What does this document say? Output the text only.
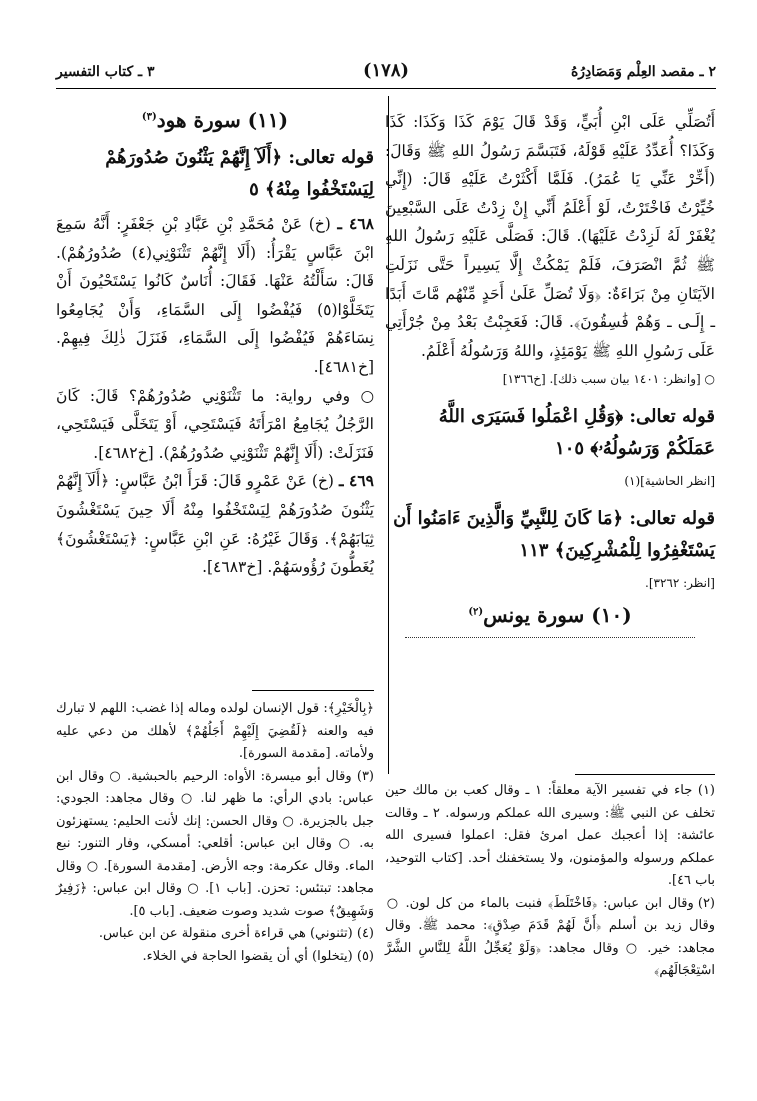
٢ ـ مقصد العِلْم وَمَصَادِرُهُ
(١٧٨)
٣ ـ كتاب التفسير

أَتُصَلِّي عَلَى ابْنِ أُبَيٍّ، وَقَدْ قَالَ يَوْمَ كَذَا وَكَذَا: كَذَا وَكَذَا؟ أُعَدِّدُ عَلَيْهِ قَوْلَهُ، فَتَبَسَّمَ رَسُولُ اللهِ ﷺ وَقَالَ: (أَخِّرْ عَنِّي يَا عُمَرُ). فَلَمَّا أَكْثَرْتُ عَلَيْهِ قَالَ: (إِنِّي خُيِّرْتُ فَاخْتَرْتُ، لَوْ أَعْلَمُ أَنِّي إِنْ زِدْتُ عَلَى السَّبْعِينَ يُغْفَرْ لَهُ لَزِدْتُ عَلَيْهَا). قَالَ: فَصَلَّى عَلَيْهِ رَسُولُ اللهِ ﷺ ثُمَّ انْصَرَفَ، فَلَمْ يَمْكُثْ إِلَّا يَسِيراً حَتَّى نَزَلَتِ الآيَتَانِ مِنْ بَرَاءَةٌ: ﴿وَلَا تُصَلِّ عَلَىٰ أَحَدٍ مِّنْهُم مَّاتَ أَبَدًا ـ إِلَـى ـ وَهُمْ فَٰسِقُونَ﴾. قَالَ: فَعَجِبْتُ بَعْدُ مِنْ جُرْأَتِي عَلَى رَسُولِ اللهِ ﷺ يَوْمَئِذٍ، واللهُ وَرَسُولُهُ أَعْلَمُ.

○ [وانظر: ١٤٠١ بيان سبب ذلك]. [خ١٣٦٦]
قوله تعالى: ﴿وَقُلِ اعْمَلُوا فَسَيَرَى اللَّهُ عَمَلَكُمْ وَرَسُولُهُۥ﴾ ١٠٥
[انظر الحاشية](١)
قوله تعالى: ﴿مَا كَانَ لِلنَّبِيِّ وَالَّذِينَ ءَامَنُوا أَن يَسْتَغْفِرُوا لِلْمُشْرِكِينَ﴾ ١١٣
[انظر: ٣٢٦٢].
(١٠) سورة يونس$^{(٢)}$
(١١) سورة هود$^{(٣)}$
قوله تعالى: ﴿أَلَآ إِنَّهُمْ يَثْنُونَ صُدُورَهُمْ لِيَسْتَخْفُوا مِنْهُ﴾ ٥

٤٦٨ ـ (خ) عَنْ مُحَمَّدِ بْنِ عَبَّادِ بْنِ جَعْفَرٍ: أَنَّهُ سَمِعَ ابْنَ عَبَّاسٍ يَقْرَأُ: (أَلَا إِنَّهُمْ تَثْنَوْنِي(٤) صُدُورُهُمْ). قَالَ: سَأَلْتُهُ عَنْهَا. فَقَالَ: أُنَاسٌ كَانُوا يَسْتَحْيُونَ أَنْ يَتَخَلَّوْا(٥) فَيُفْضُوا إِلَى السَّمَاءِ، وَأَنْ يُجَامِعُوا نِسَاءَهُمْ فَيُفْضُوا إِلَى السَّمَاءِ، فَنَزَلَ ذٰلِكَ فِيهِمْ. [خ٤٦٨١].

○ وفي رواية: ما تَثْنَوْنِي صُدُورُهُمْ؟ قَالَ: كَانَ الرَّجُلُ يُجَامِعُ امْرَأَتَهُ فَيَسْتَحِي، أَوْ يَتَخَلَّى فَيَسْتَحِي، فَنَزَلَتْ: (أَلَا إِنَّهُمْ تَثْنَوْنِي صُدُورُهُمْ). [خ٤٦٨٢].

٤٦٩ ـ (خ) عَنْ عَمْرٍو قَالَ: قَرَأَ ابْنُ عَبَّاسٍ: ﴿أَلَآ إِنَّهُمْ يَثْنُونَ صُدُورَهُمْ لِيَسْتَخْفُوا مِنْهُ أَلَا حِينَ يَسْتَغْشُونَ ثِيَابَهُمْ﴾. وَقَالَ غَيْرُهُ: عَنِ ابْنِ عَبَّاسٍ: ﴿يَسْتَغْشُونَ﴾ يُغَطُّونَ رُؤُوسَهُمْ. [خ٤٦٨٣].

﴿بِالْخَيْرِ﴾: قول الإنسان لولده وماله إذا غضب: اللهم لا تبارك فيه والعنه ﴿لَقُضِيَ إِلَيْهِمْ أَجَلُهُمْ﴾ لأهلك من دعي عليه ولأماته. [مقدمة السورة].

(٣) وقال أبو ميسرة: الأواه: الرحيم بالحبشية. ○ وقال ابن عباس: بادي الرأي: ما ظهر لنا. ○ وقال مجاهد: الجودي: جبل بالجزيرة. ○ وقال الحسن: إنك لأنت الحليم: يستهزئون به. ○ وقال ابن عباس: أقلعي: أمسكي، وفار التنور: نبع الماء. وقال عكرمة: وجه الأرض. [مقدمة السورة]. ○ وقال مجاهد: تبتئس: تحزن. [باب ١]. ○ وقال ابن عباس: ﴿زَفِيرٌ وَشَهِيقٌ﴾ صوت شديد وصوت ضعيف. [باب ٥].

(٤) (تثنوني) هي قراءة أخرى منقولة عن ابن عباس.

(٥) (يتخلوا) أي أن يقضوا الحاجة في الخلاء.

(١) جاء في تفسير الآية معلقاً: ١ ـ وقال كعب بن مالك حين تخلف عن النبي ﷺ: وسيرى الله عملكم ورسوله. ٢ ـ وقالت عائشة: إذا أعجبك عمل امرئ فقل: اعملوا فسيرى الله عملكم ورسوله والمؤمنون، ولا يستخفنك أحد. [كتاب التوحيد، باب ٤٦].

(٢) وقال ابن عباس: ﴿فَاخْتَلَطَ﴾ فنبت بالماء من كل لون. ○ وقال زيد بن أسلم ﴿أَنَّ لَهُمْ قَدَمَ صِدْقٍ﴾: محمد ﷺ. وقال مجاهد: خير. ○ وقال مجاهد: ﴿وَلَوْ يُعَجِّلُ اللَّهُ لِلنَّاسِ الشَّرَّ اسْتِعْجَالَهُم﴾
